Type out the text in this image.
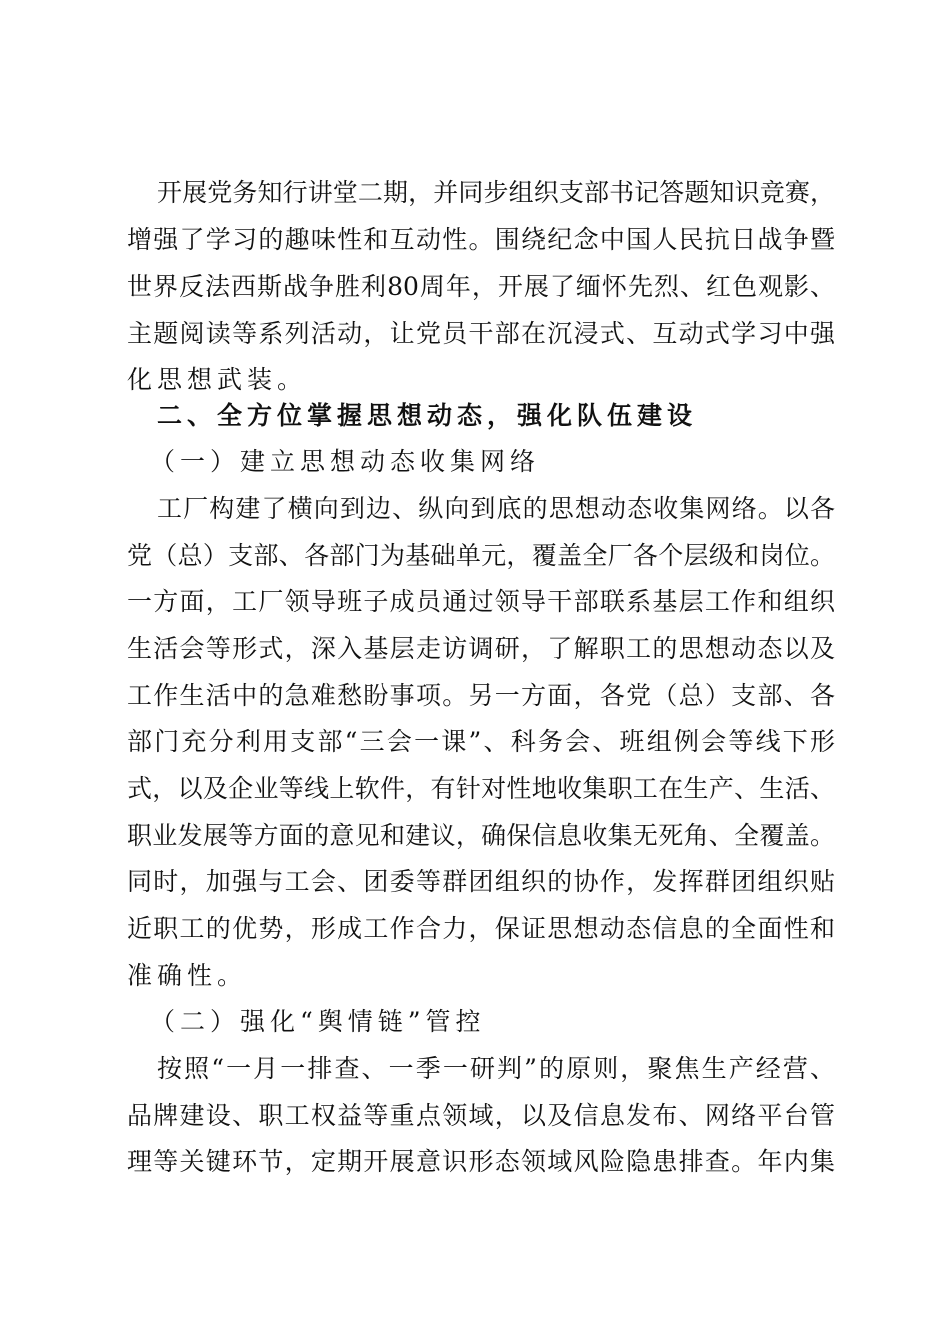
开展党务知行讲堂二期，并同步组织支部书记答题知识竞赛，
增强了学习的趣味性和互动性。围绕纪念中国人民抗日战争暨
世界反法西斯战争胜利80周年，开展了缅怀先烈、红色观影、
主题阅读等系列活动，让党员干部在沉浸式、互动式学习中强
化思想武装。
二、全方位掌握思想动态，强化队伍建设
（一）建立思想动态收集网络
工厂构建了横向到边、纵向到底的思想动态收集网络。以各
党（总）支部、各部门为基础单元，覆盖全厂各个层级和岗位。
一方面，工厂领导班子成员通过领导干部联系基层工作和组织
生活会等形式，深入基层走访调研，了解职工的思想动态以及
工作生活中的急难愁盼事项。另一方面，各党（总）支部、各
部门充分利用支部“三会一课”、科务会、班组例会等线下形
式，以及企业等线上软件，有针对性地收集职工在生产、生活、
职业发展等方面的意见和建议，确保信息收集无死角、全覆盖。
同时，加强与工会、团委等群团组织的协作，发挥群团组织贴
近职工的优势，形成工作合力，保证思想动态信息的全面性和
准确性。
（二）强化“舆情链”管控
按照“一月一排查、一季一研判”的原则，聚焦生产经营、
品牌建设、职工权益等重点领域，以及信息发布、网络平台管
理等关键环节，定期开展意识形态领域风险隐患排查。年内集
